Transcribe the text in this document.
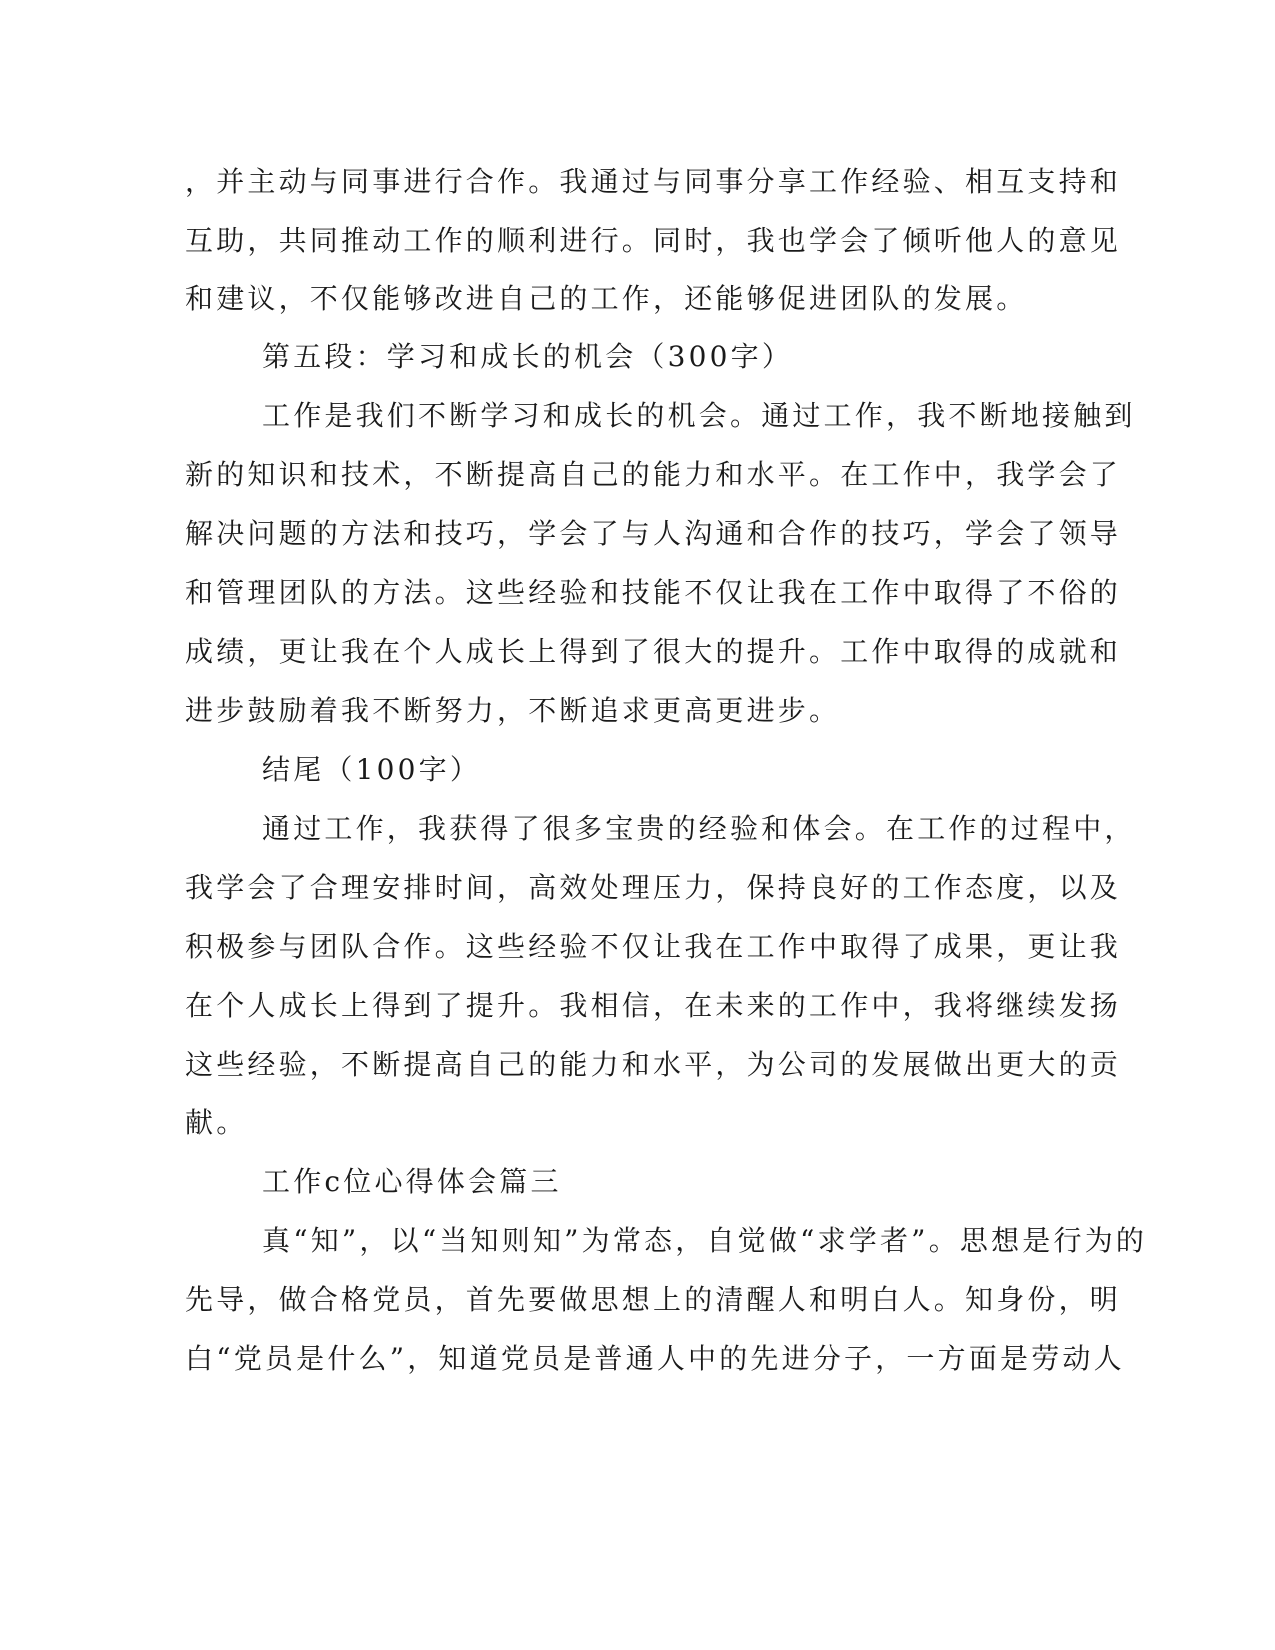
，并主动与同事进行合作。我通过与同事分享工作经验、相互支持和
互助，共同推动工作的顺利进行。同时，我也学会了倾听他人的意见
和建议，不仅能够改进自己的工作，还能够促进团队的发展。
第五段：学习和成长的机会（300字）
工作是我们不断学习和成长的机会。通过工作，我不断地接触到
新的知识和技术，不断提高自己的能力和水平。在工作中，我学会了
解决问题的方法和技巧，学会了与人沟通和合作的技巧，学会了领导
和管理团队的方法。这些经验和技能不仅让我在工作中取得了不俗的
成绩，更让我在个人成长上得到了很大的提升。工作中取得的成就和
进步鼓励着我不断努力，不断追求更高更进步。
结尾（100字）
通过工作，我获得了很多宝贵的经验和体会。在工作的过程中，
我学会了合理安排时间，高效处理压力，保持良好的工作态度，以及
积极参与团队合作。这些经验不仅让我在工作中取得了成果，更让我
在个人成长上得到了提升。我相信，在未来的工作中，我将继续发扬
这些经验，不断提高自己的能力和水平，为公司的发展做出更大的贡
献。
工作c位心得体会篇三
真“知”，以“当知则知”为常态，自觉做“求学者”。思想是行为的
先导，做合格党员，首先要做思想上的清醒人和明白人。知身份，明
白“党员是什么”，知道党员是普通人中的先进分子，一方面是劳动人
